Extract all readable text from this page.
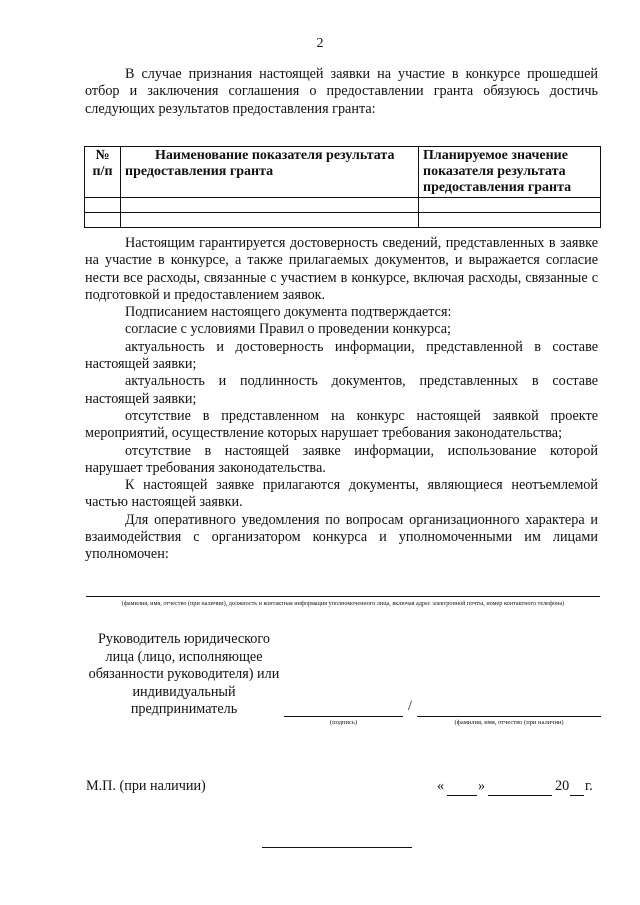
2

В случае признания настоящей заявки на участие в конкурсе прошедшей отбор и заключения соглашения о предоставлении гранта обязуюсь достичь следующих результатов предоставления гранта:

№ п/п	Наименование показателя результата предоставления гранта	Планируемое значение показателя результата предоставления гранта

Настоящим гарантируется достоверность сведений, представленных в заявке на участие в конкурсе, а также прилагаемых документов, и выражается согласие нести все расходы, связанные с участием в конкурсе, включая расходы, связанные с подготовкой и предоставлением заявок.

Подписанием настоящего документа подтверждается:

согласие с условиями Правил о проведении конкурса;

актуальность и достоверность информации, представленной в составе настоящей заявки;

актуальность и подлинность документов, представленных в составе настоящей заявки;

отсутствие в представленном на конкурс настоящей заявкой проекте мероприятий, осуществление которых нарушает требования законодательства;

отсутствие в настоящей заявке информации, использование которой нарушает требования законодательства.

К настоящей заявке прилагаются документы, являющиеся неотъемлемой частью настоящей заявки.

Для оперативного уведомления по вопросам организационного характера и взаимодействия с организатором конкурса и уполномоченными им лицами уполномочен:

(фамилия, имя, отчество (при наличии), должность и контактная информация уполномоченного лица, включая адрес электронной почты, номер контактного телефона)
Руководитель юридического лица (лицо, исполняющее обязанности руководителя) или индивидуальный предприниматель	/
(подпись)	(фамилия, имя, отчество (при наличии)
М.П. (при наличии)	« »	20 г.
